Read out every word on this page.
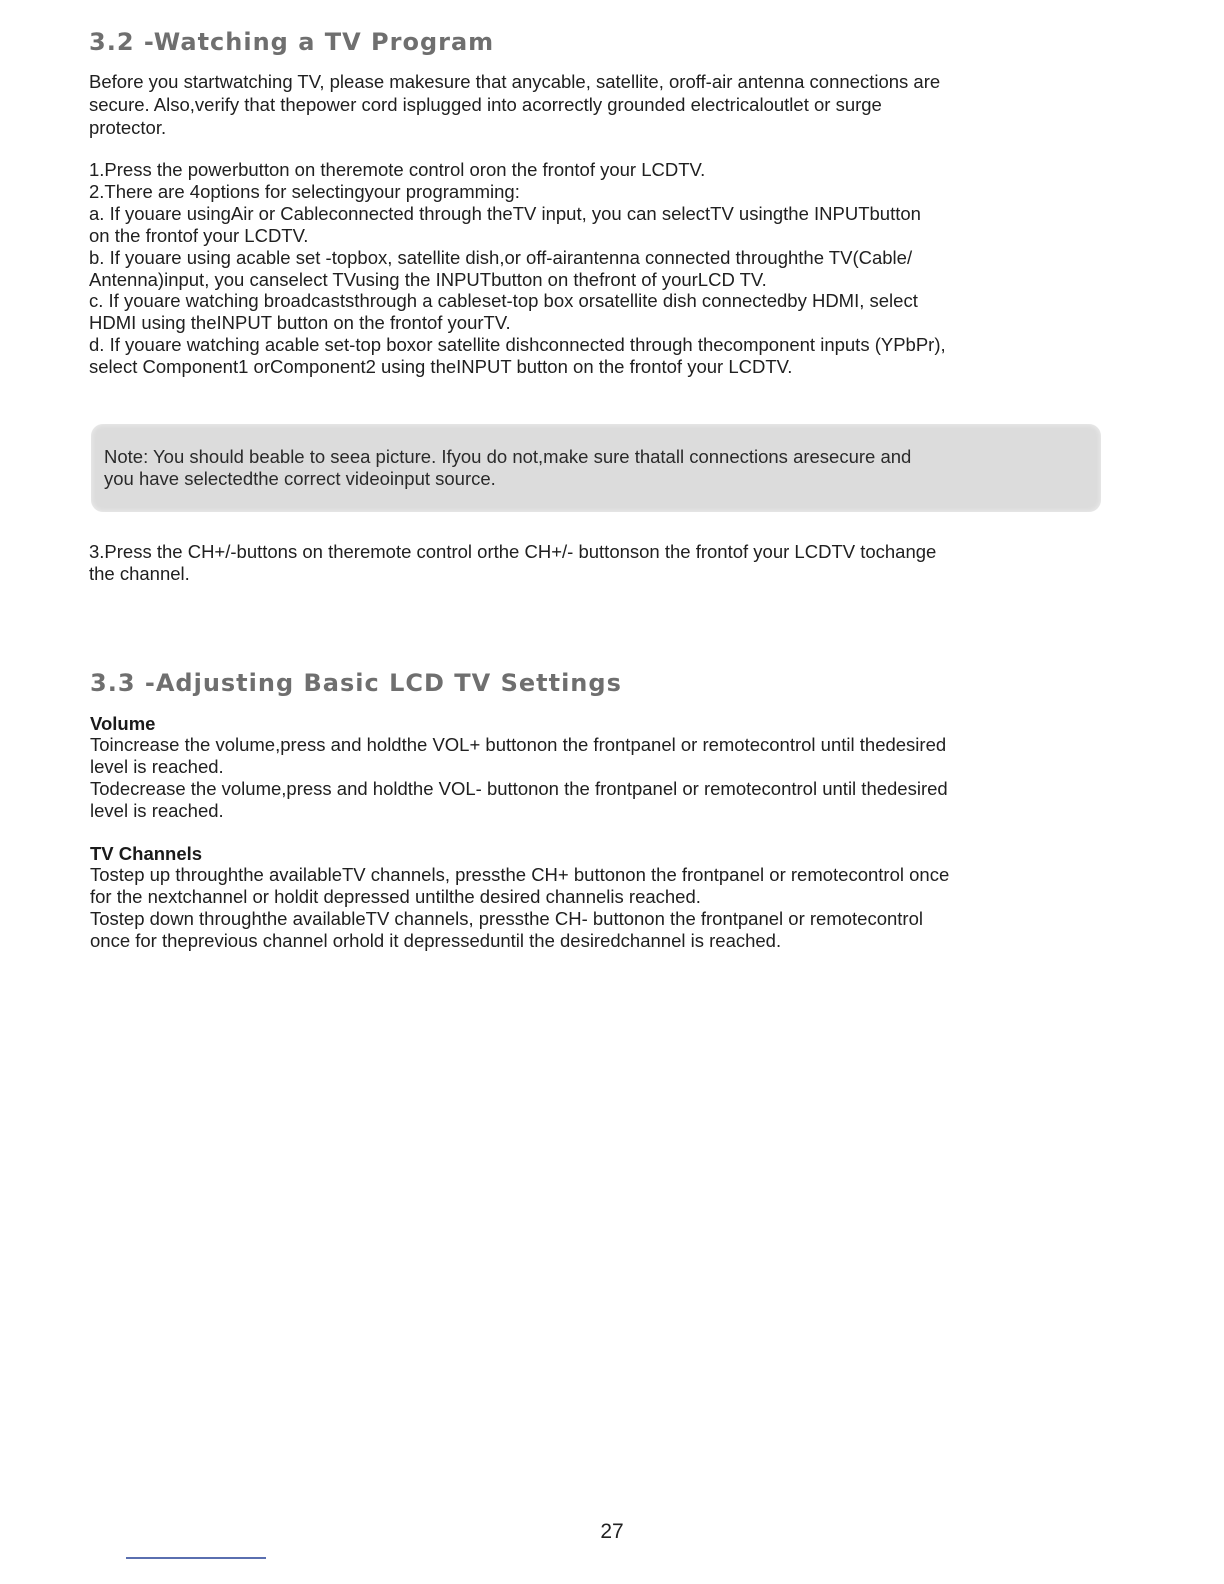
3.2 -Watching a TV Program
Before you startwatching TV, please makesure that anycable, satellite, oroff-air antenna connections are
secure. Also,verify that thepower cord isplugged into acorrectly grounded electricaloutlet or surge
protector.
1.Press the powerbutton on theremote control oron the frontof your LCDTV.
2.There are 4options for selectingyour programming:
a. If youare usingAir or Cableconnected through theTV input, you can selectTV usingthe INPUTbutton
on the frontof your LCDTV.
b. If youare using acable set -topbox, satellite dish,or off-airantenna connected throughthe TV(Cable/
Antenna)input, you canselect TVusing the INPUTbutton on thefront of yourLCD TV.
c. If youare watching broadcaststhrough a cableset-top box orsatellite dish connectedby HDMI, select
HDMI using theINPUT button on the frontof yourTV.
d. If youare watching acable set-top boxor satellite dishconnected through thecomponent inputs (YPbPr),
select Component1 orComponent2 using theINPUT button on the frontof your LCDTV.
Note: You should beable to seea picture. Ifyou do not,make sure thatall connections aresecure and
you have selectedthe correct videoinput source.
3.Press the CH+/-buttons on theremote control orthe CH+/- buttonson the frontof your LCDTV tochange
the channel.
3.3 -Adjusting Basic LCD TV Settings
Volume
Toincrease the volume,press and holdthe VOL+ buttonon the frontpanel or remotecontrol until thedesired
level is reached.
Todecrease the volume,press and holdthe VOL- buttonon the frontpanel or remotecontrol until thedesired
level is reached.
TV Channels
Tostep up throughthe availableTV channels, pressthe CH+ buttonon the frontpanel or remotecontrol once
for the nextchannel or holdit depressed untilthe desired channelis reached.
Tostep down throughthe availableTV channels, pressthe CH- buttonon the frontpanel or remotecontrol
once for theprevious channel orhold it depresseduntil the desiredchannel is reached.
27
